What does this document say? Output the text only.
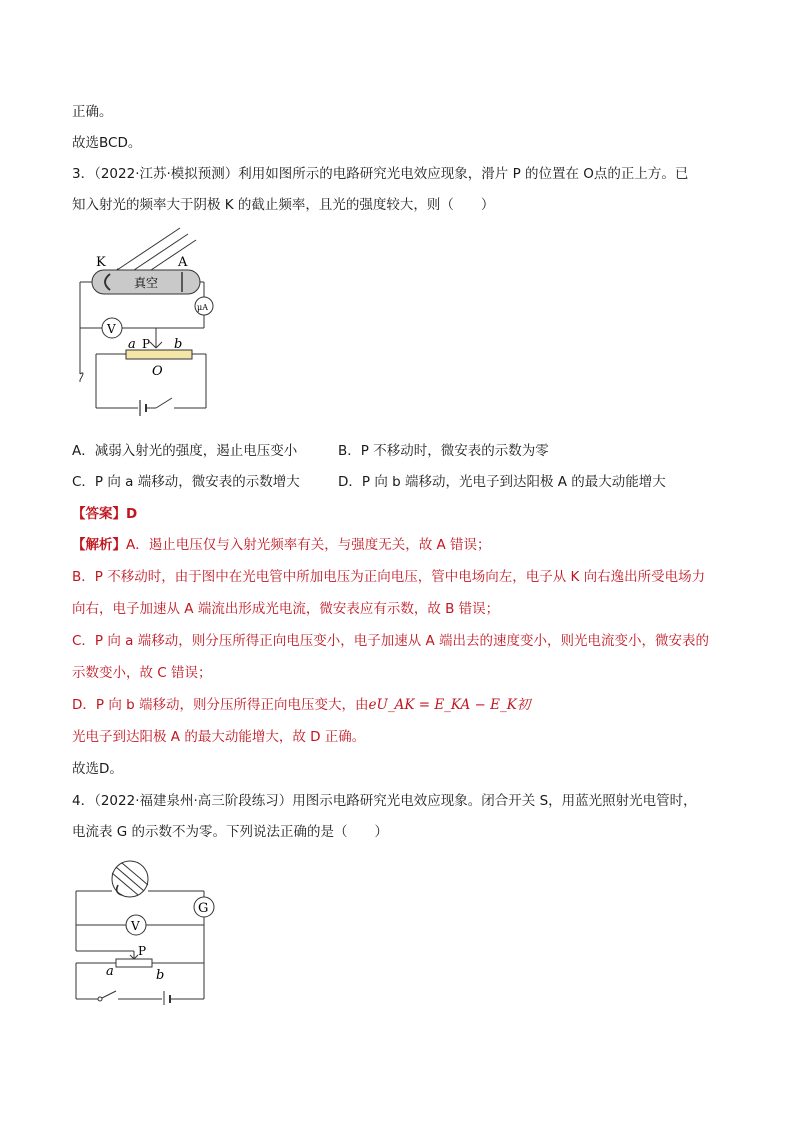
正确。
故选BCD。
3．（2022·江苏·模拟预测）利用如图所示的电路研究光电效应现象，滑片 P 的位置在 O点的正上方。已
知入射光的频率大于阴极 K 的截止频率，且光的强度较大，则（　　）
K	A
真空
μA
V
a P b
O
A．减弱入射光的强度，遏止电压变小	B．P 不移动时，微安表的示数为零
C．P 向 a 端移动，微安表的示数增大	D．P 向 b 端移动，光电子到达阳极 A 的最大动能增大
【答案】D
【解析】A．遏止电压仅与入射光频率有关，与强度无关，故 A 错误；
B．P 不移动时，由于图中在光电管中所加电压为正向电压，管中电场向左，电子从 K 向右逸出所受电场力
向右，电子加速从 A 端流出形成光电流，微安表应有示数，故 B 错误；
C．P 向 a 端移动，则分压所得正向电压变小，电子加速从 A 端出去的速度变小，则光电流变小，微安表的
示数变小，故 C 错误；
D．P 向 b 端移动，则分压所得正向电压变大，由eU_AK = E_KA − E_K初
光电子到达阳极 A 的最大动能增大，故 D 正确。
故选D。
4．（2022·福建泉州·高三阶段练习）用图示电路研究光电效应现象。闭合开关 S，用蓝光照射光电管时，
电流表 G 的示数不为零。下列说法正确的是（　　）
G
V
P
a	b
